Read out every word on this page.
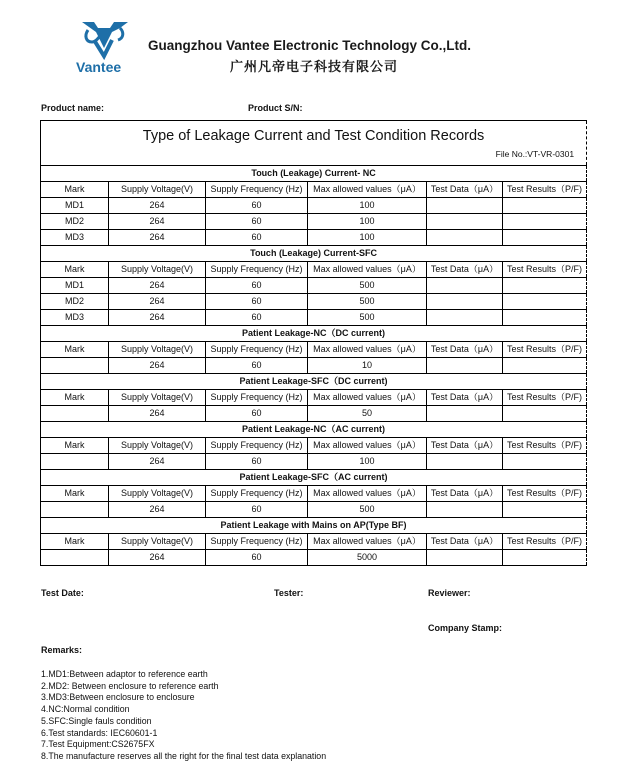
Vantee
Guangzhou Vantee Electronic Technology Co.,Ltd.
广州凡帝电子科技有限公司
Product name:	Product S/N:
Type of Leakage Current and Test Condition Records
File No.:VT-VR-0301					

Touch (Leakage) Current- NC					
Mark	Supply Voltage(V)	Supply Frequency (Hz)	Max allowed values（μA）	Test Data（μA）	Test Results（P/F)
MD1	264	60	100		
MD2	264	60	100		
MD3	264	60	100		
Touch (Leakage) Current-SFC					
Mark	Supply Voltage(V)	Supply Frequency (Hz)	Max allowed values（μA）	Test Data（μA）	Test Results（P/F)
MD1	264	60	500		
MD2	264	60	500		
MD3	264	60	500		
Patient Leakage-NC（DC current)					
Mark	Supply Voltage(V)	Supply Frequency (Hz)	Max allowed values（μA）	Test Data（μA）	Test Results（P/F)
	264	60	10		
Patient Leakage-SFC（DC current)					
Mark	Supply Voltage(V)	Supply Frequency (Hz)	Max allowed values（μA）	Test Data（μA）	Test Results（P/F)
	264	60	50		
Patient Leakage-NC（AC current)					
Mark	Supply Voltage(V)	Supply Frequency (Hz)	Max allowed values（μA）	Test Data（μA）	Test Results（P/F)
	264	60	100		
Patient Leakage-SFC（AC current)					
Mark	Supply Voltage(V)	Supply Frequency (Hz)	Max allowed values（μA）	Test Data（μA）	Test Results（P/F)
	264	60	500		
Patient Leakage with Mains on AP(Type BF)					
Mark	Supply Voltage(V)	Supply Frequency (Hz)	Max allowed values（μA）	Test Data（μA）	Test Results（P/F)
	264	60	5000		
Test Date:	Tester:	Reviewer:
Company Stamp:
Remarks:
1.MD1:Between adaptor to reference earth
2.MD2: Between enclosure to reference earth
3.MD3:Between enclosure to enclosure
4.NC:Normal condition
5.SFC:Single fauls condition
6.Test standards: IEC60601-1
7.Test Equipment:CS2675FX
8.The manufacture reserves all the right for the final test data explanation
